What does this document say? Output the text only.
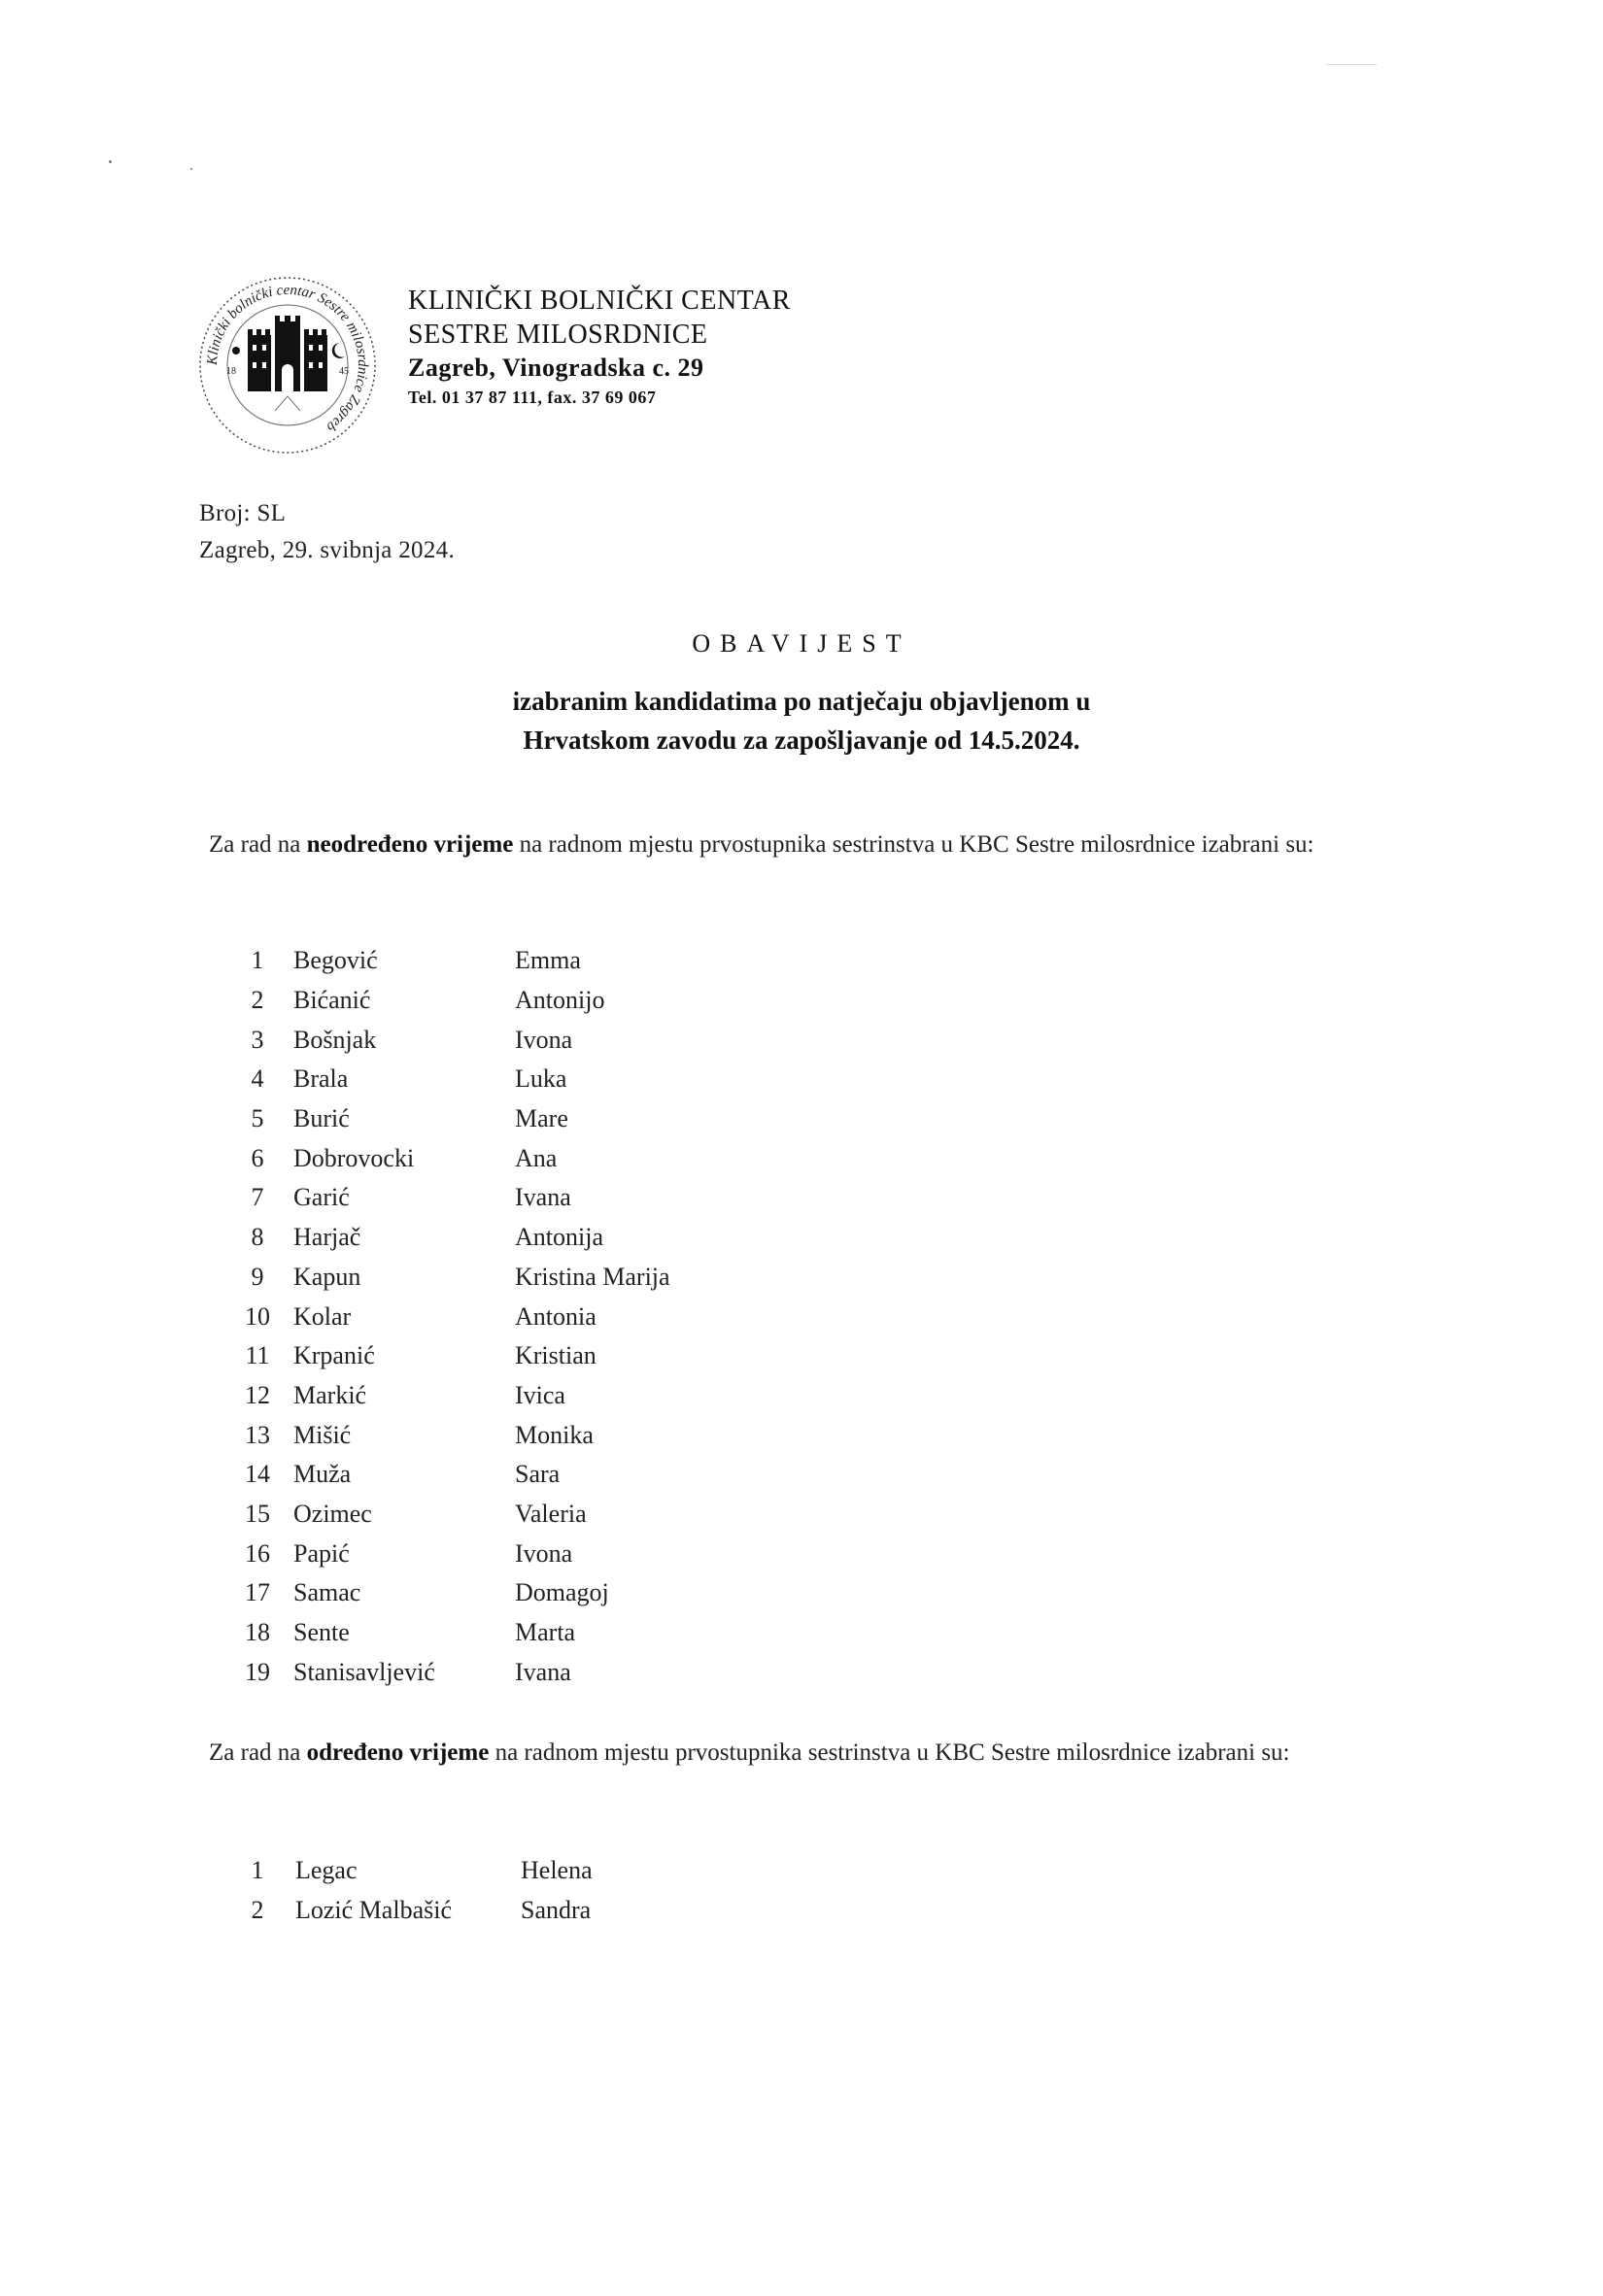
Klinički bolnički centar Sestre milosrdnice Zagreb
18	45
KLINIČKI BOLNIČKI CENTAR
SESTRE MILOSRDNICE
Zagreb, Vinogradska c. 29
Tel. 01 37 87 111, fax. 37 69 067
Broj: SL
Zagreb, 29. svibnja 2024.
OBAVIJEST
izabranim kandidatima po natječaju objavljenom u
Hrvatskom zavodu za zapošljavanje od 14.5.2024.
Za rad na neodređeno vrijeme na radnom mjestu prvostupnika sestrinstva u KBC Sestre milosrdnice izabrani su:
1	Begović	Emma
2	Bićanić	Antonijo
3	Bošnjak	Ivona
4	Brala	Luka
5	Burić	Mare
6	Dobrovocki	Ana
7	Garić	Ivana
8	Harjač	Antonija
9	Kapun	Kristina Marija
10 Kolar	Antonia
11 Krpanić	Kristian
12 Markić	Ivica
13 Mišić	Monika
14 Muža	Sara
15 Ozimec	Valeria
16 Papić	Ivona
17 Samac	Domagoj
18 Sente	Marta
19 Stanisavljević	Ivana
Za rad na određeno vrijeme na radnom mjestu prvostupnika sestrinstva u KBC Sestre milosrdnice izabrani su:
1	Legac	Helena
2	Lozić Malbašić	Sandra
